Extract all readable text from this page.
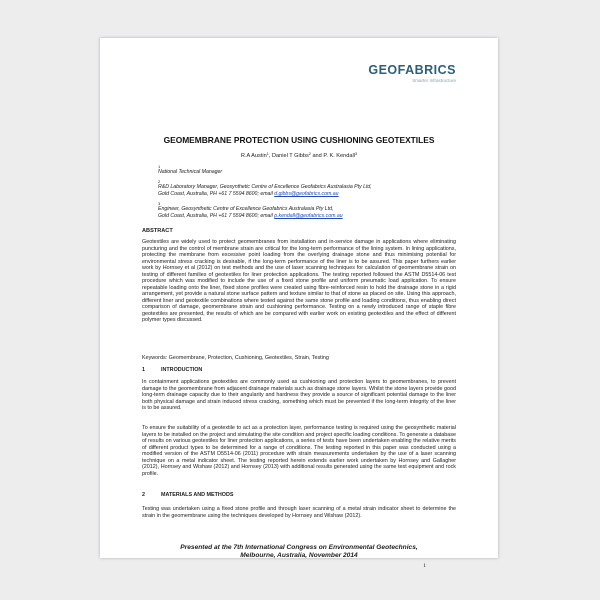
GEOFABRICS
Smarter Infrastructure
GEOMEMBRANE PROTECTION USING CUSHIONING GEOTEXTILES
R.A Austin$^1$, Daniel T Gibbs$^2$ and P. K. Kendall$^3$
1
National Technical Manager
2
R&D Laboratory Manager, Geosynthetic Centre of Excellence Geofabrics Australasia Pty Ltd,
Gold Coast, Australia, PH +61 7 5594 8600; email d.gibbs@geofabrics.com.au
3
Engineer, Geosynthetic Centre of Excellence Geofabrics Australasia Pty Ltd,
Gold Coast, Australia, PH +61 7 5594 8600; email p.kendall@geofabrics.com.au
ABSTRACT
Geotextiles are widely used to protect geomembranes from installation and in-service damage in applications where eliminating puncturing and the control of membrane strain are critical for the long-term performance of the lining system. In lining applications, protecting the membrane from excessive point loading from the overlying drainage stone and thus minimising potential for environmental stress cracking is desirable, if the long-term performance of the liner is to be assured. This paper furthers earlier work by Hornsey et al (2012) on test methods and the use of laser scanning techniques for calculation of geomembrane strain on testing of different families of geotextiles for liner protection applications. The testing reported followed the ASTM D5514-06 test procedure which was modified to include the use of a fixed stone profile and uniform pneumatic load application. To ensure repeatable loading onto the liner, fixed stone profiles were created using fibre-reinforced resin to hold the drainage stone in a rigid arrangement, yet provide a natural stone surface pattern and texture similar to that of stone as placed on site. Using this approach, different liner and geotextile combinations where tested against the same stone profile and loading conditions, thus enabling direct comparison of damage, geomembrane strain and cushioning performance. Testing on a newly introduced range of staple fibre geotextiles are presented, the results of which are be compared with earlier work on existing geotextiles and the effect of different polymer types discussed.
Keywords: Geomembrane, Protection, Cushioning, Geotextiles, Strain, Testing
1	INTRODUCTION
In containment applications geotextiles are commonly used as cushioning and protection layers to geomembranes, to prevent damage to the geomembrane from adjacent drainage materials such as drainage stone layers. Whilst the stone layers provide good long-term drainage capacity due to their angularity and hardness they provide a source of significant potential damage to the liner both physical damage and strain induced stress cracking, something which must be prevented if the long-term integrity of the liner is to be assured.
To ensure the suitability of a geotextile to act as a protection layer, performance testing is required using the geosynthetic material layers to be installed on the project and simulating the site condition and project specific loading conditions. To generate a database of results on various geotextiles for liner protection applications, a series of tests have been undertaken enabling the relative merits of different product types to be determined for a range of conditions. The testing reported in this paper was conducted using a modified version of the ASTM D5514-06 (2011) procedure with strain measurements undertaken by the use of a laser scanning technique on a metal indicator sheet. The testing reported herein extends earlier work undertaken by Hornsey and Gallagher (2012), Hornsey and Wishaw (2012) and Hornsey (2013) with additional results generated using the same test equipment and rock profile.
2	MATERIALS AND METHODS
Testing was undertaken using a fixed stone profile and through laser scanning of a metal strain indicator sheet to determine the strain in the geomembrane using the techniques developed by Hornsey and Wishaw (2012).
Presented at the 7th International Congress on Environmental Geotechnics,
Melbourne, Australia, November 2014
1
